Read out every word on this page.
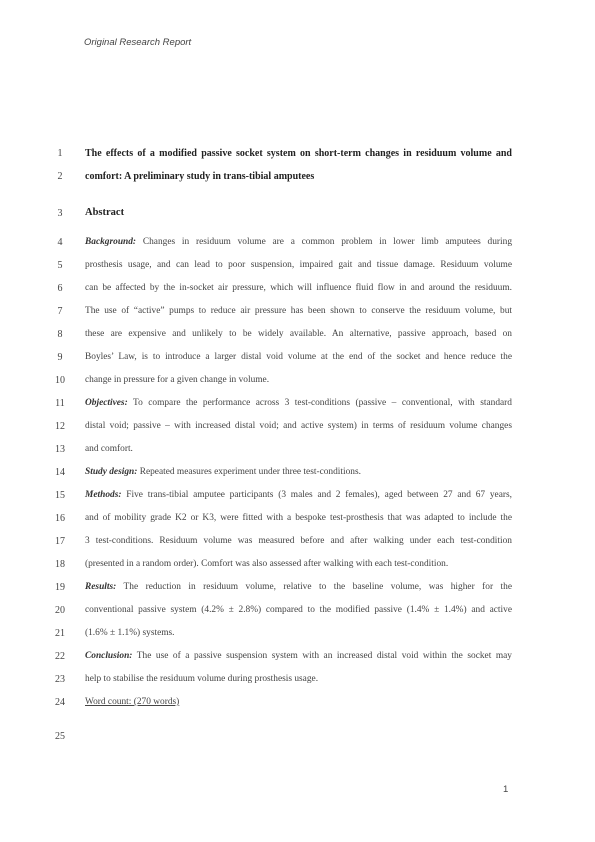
Original Research Report
1
2
3
4
5
6
7
8
9
10
11
12
13
14
15
16
17
18
19
20
21
22
23
24
25
The effects of a modified passive socket system on short-term changes in residuum volume and
comfort: A preliminary study in trans-tibial amputees
Abstract
Background: Changes in residuum volume are a common problem in lower limb amputees during
prosthesis usage, and can lead to poor suspension, impaired gait and tissue damage. Residuum volume
can be affected by the in-socket air pressure, which will influence fluid flow in and around the residuum.
The use of “active” pumps to reduce air pressure has been shown to conserve the residuum volume, but
these are expensive and unlikely to be widely available. An alternative, passive approach, based on
Boyles’ Law, is to introduce a larger distal void volume at the end of the socket and hence reduce the
change in pressure for a given change in volume.
Objectives: To compare the performance across 3 test-conditions (passive – conventional, with standard
distal void; passive – with increased distal void; and active system) in terms of residuum volume changes
and comfort.
Study design: Repeated measures experiment under three test-conditions.
Methods: Five trans-tibial amputee participants (3 males and 2 females), aged between 27 and 67 years,
and of mobility grade K2 or K3, were fitted with a bespoke test-prosthesis that was adapted to include the
3 test-conditions. Residuum volume was measured before and after walking under each test-condition
(presented in a random order). Comfort was also assessed after walking with each test-condition.
Results: The reduction in residuum volume, relative to the baseline volume, was higher for the
conventional passive system (4.2% ± 2.8%) compared to the modified passive (1.4% ± 1.4%) and active
(1.6% ± 1.1%) systems.
Conclusion: The use of a passive suspension system with an increased distal void within the socket may
help to stabilise the residuum volume during prosthesis usage.
Word count: (270 words)
1
